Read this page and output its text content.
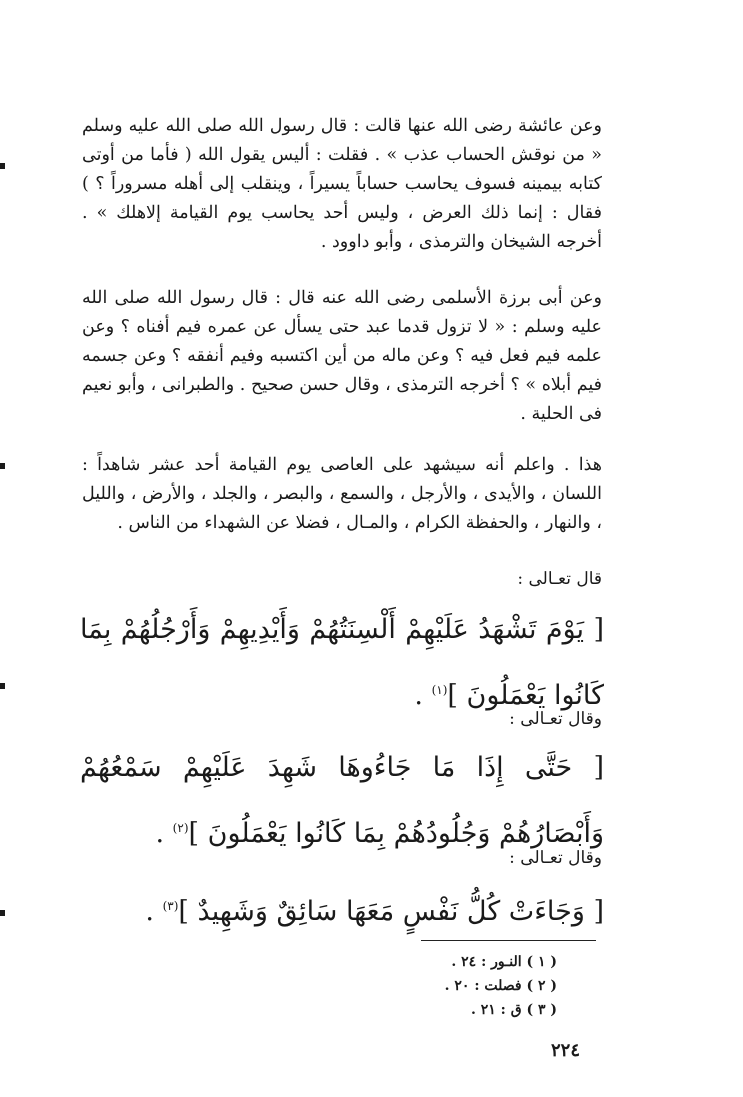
وعن عائشة رضى الله عنها قالت : قال رسول الله صلى الله عليه وسلم « من نوقش الحساب عذب » . فقلت : أليس يقول الله ( فأما من أوتى كتابه بيمينه فسوف يحاسب حساباً يسيراً ، وينقلب إلى أهله مسروراً ؟ ) فقال : إنما ذلك العرض ، وليس أحد يحاسب يوم القيامة إلاهلك » . أخرجه الشيخان والترمذى ، وأبو داوود .

وعن أبى برزة الأسلمى رضى الله عنه قال : قال رسول الله صلى الله عليه وسلم : « لا تزول قدما عبد حتى يسأل عن عمره فيم أفناه ؟ وعن علمه فيم فعل فيه ؟ وعن ماله من أين اكتسبه وفيم أنفقه ؟ وعن جسمه فيم أبلاه » ؟ أخرجه الترمذى ، وقال حسن صحيح . والطبرانى ، وأبو نعيم فى الحلية .

هذا . واعلم أنه سيشهد على العاصى يوم القيامة أحد عشر شاهداً : اللسان ، والأيدى ، والأرجل ، والسمع ، والبصر ، والجلد ، والأرض ، والليل ، والنهار ، والحفظة الكرام ، والمـال ، فضلا عن الشهداء من الناس .

قال تعـالى :
[ يَوْمَ تَشْهَدُ عَلَيْهِمْ أَلْسِنَتُهُمْ وَأَيْدِيهِمْ وَأَرْجُلُهُمْ بِمَا كَانُوا يَعْمَلُونَ ]$^{(١)}$ .
وقال تعـالى :
[ حَتَّى إِذَا مَا جَاءُوهَا شَهِدَ عَلَيْهِمْ سَمْعُهُمْ وَأَبْصَارُهُمْ وَجُلُودُهُمْ بِمَا كَانُوا يَعْمَلُونَ ]$^{(٢)}$ .
وقال تعـالى :
[ وَجَاءَتْ كُلُّ نَفْسٍ مَعَهَا سَائِقٌ وَشَهِيدٌ ]$^{(٣)}$ .
( ١ ) النـور : ٢٤ .
( ٢ ) فصلت : ٢٠ .
( ٣ ) ق : ٢١ .
٢٢٤
